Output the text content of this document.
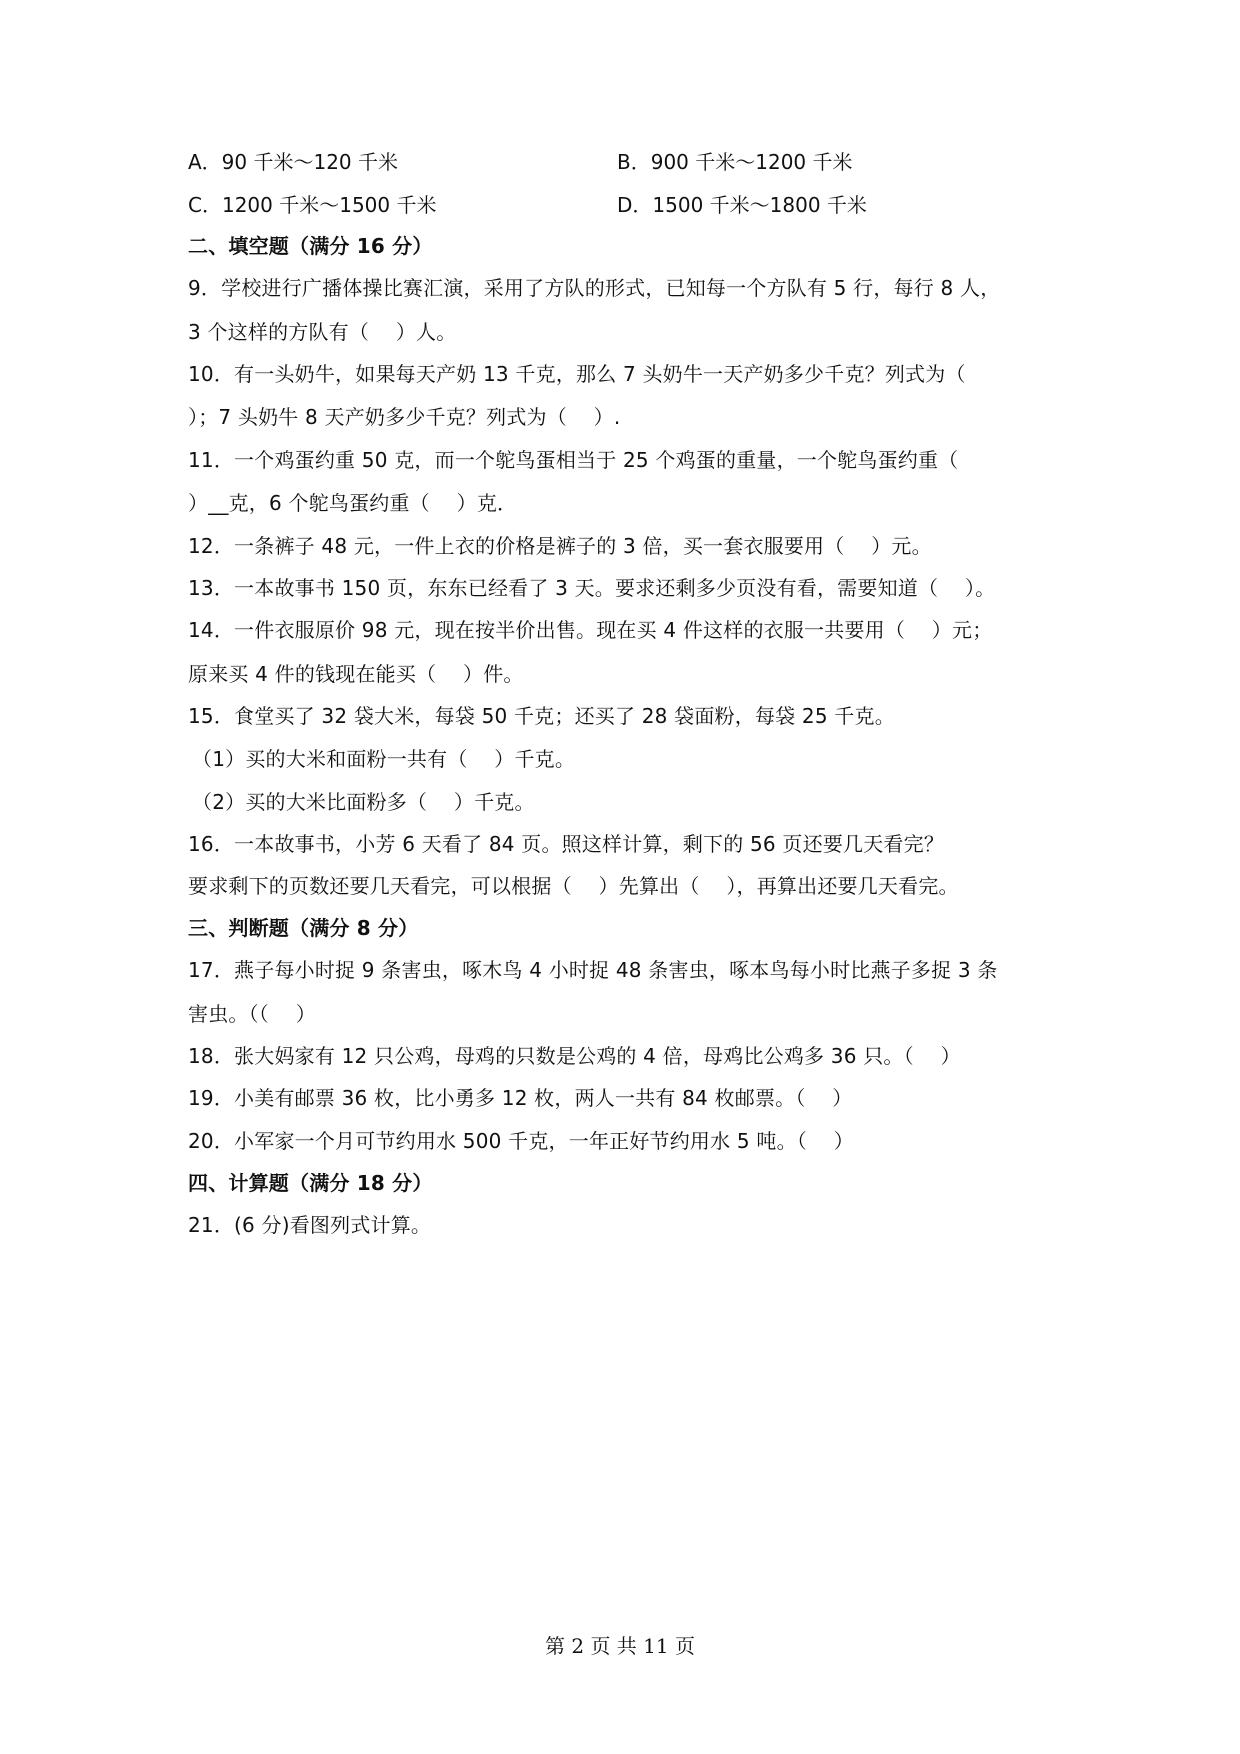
A．90 千米～120 千米	B．900 千米～1200 千米
C．1200 千米～1500 千米	D．1500 千米～1800 千米
二、填空题（满分 16 分）
9．学校进行广播体操比赛汇演，采用了方队的形式，已知每一个方队有 5 行，每行 8 人，
3 个这样的方队有（　 ）人。
10．有一头奶牛，如果每天产奶 13 千克，那么 7 头奶牛一天产奶多少千克？列式为（
）；7 头奶牛 8 天产奶多少千克？列式为（　 ）.
11．一个鸡蛋约重 50 克，而一个鸵鸟蛋相当于 25 个鸡蛋的重量，一个鸵鸟蛋约重（
）__克，6 个鸵鸟蛋约重（　 ）克．
12．一条裤子 48 元，一件上衣的价格是裤子的 3 倍，买一套衣服要用（　 ）元。
13．一本故事书 150 页，东东已经看了 3 天。要求还剩多少页没有看，需要知道（　 ）。
14．一件衣服原价 98 元，现在按半价出售。现在买 4 件这样的衣服一共要用（　 ）元；
原来买 4 件的钱现在能买（　 ）件。
15．食堂买了 32 袋大米，每袋 50 千克；还买了 28 袋面粉，每袋 25 千克。
（1）买的大米和面粉一共有（　 ）千克。
（2）买的大米比面粉多（　 ）千克。
16．一本故事书，小芳 6 天看了 84 页。照这样计算，剩下的 56 页还要几天看完？
要求剩下的页数还要几天看完，可以根据（　 ）先算出（　 ），再算出还要几天看完。
三、判断题（满分 8 分）
17．燕子每小时捉 9 条害虫，啄木鸟 4 小时捉 48 条害虫，啄本鸟每小时比燕子多捉 3 条
害虫。（（　 ）
18．张大妈家有 12 只公鸡，母鸡的只数是公鸡的 4 倍，母鸡比公鸡多 36 只。（　 ）
19．小美有邮票 36 枚，比小勇多 12 枚，两人一共有 84 枚邮票。（　 ）
20．小军家一个月可节约用水 500 千克，一年正好节约用水 5 吨。（　 ）
四、计算题（满分 18 分）
21．(6 分)看图列式计算。
第 2 页 共 11 页
